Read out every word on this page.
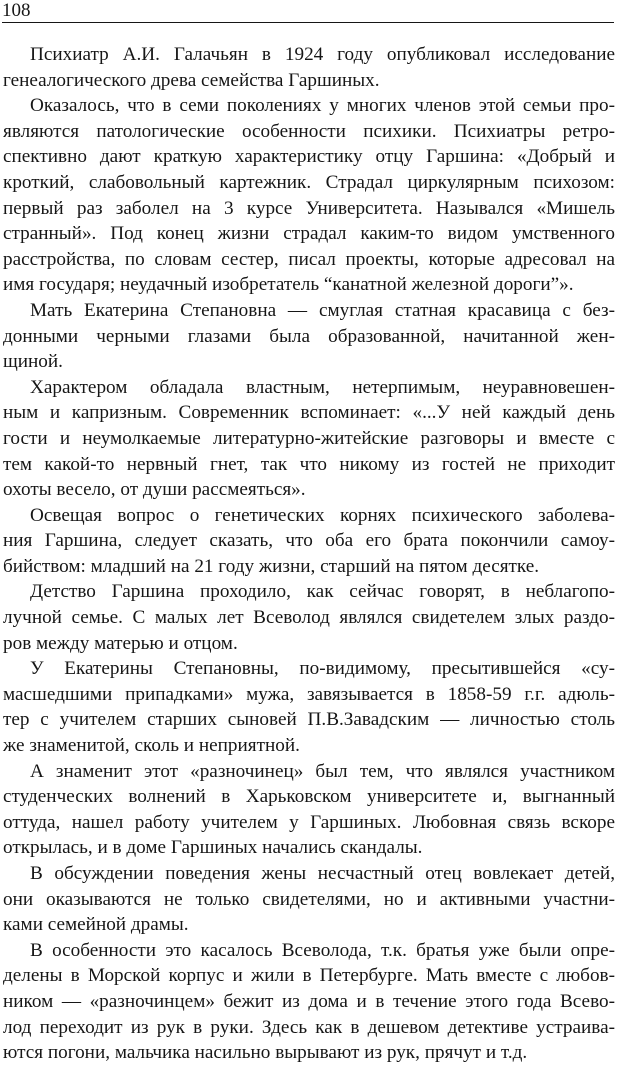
108

Психиатр А.И. Галачьян в 1924 году опубликовал исследование
генеалогического древа семейства Гаршиных.

Оказалось, что в семи поколениях у многих членов этой семьи про-
являются патологические особенности психики. Психиатры ретро-
спективно дают краткую характеристику отцу Гаршина: «Добрый и
кроткий, слабовольный картежник. Страдал циркулярным психозом:
первый раз заболел на 3 курсе Университета. Назывался «Мишель
странный». Под конец жизни страдал каким-то видом умственного
расстройства, по словам сестер, писал проекты, которые адресовал на
имя государя; неудачный изобретатель “канатной железной дороги”».

Мать Екатерина Степановна — смуглая статная красавица с без-
донными черными глазами была образованной, начитанной жен-
щиной.

Характером обладала властным, нетерпимым, неуравновешен-
ным и капризным. Современник вспоминает: «...У ней каждый день
гости и неумолкаемые литературно-житейские разговоры и вместе с
тем какой-то нервный гнет, так что никому из гостей не приходит
охоты весело, от души рассмеяться».

Освещая вопрос о генетических корнях психического заболева-
ния Гаршина, следует сказать, что оба его брата покончили самоу-
бийством: младший на 21 году жизни, старший на пятом десятке.

Детство Гаршина проходило, как сейчас говорят, в неблагопо-
лучной семье. С малых лет Всеволод являлся свидетелем злых раздо-
ров между матерью и отцом.

У Екатерины Степановны, по-видимому, пресытившейся «су-
масшедшими припадками» мужа, завязывается в 1858-59 г.г. адюль-
тер с учителем старших сыновей П.В.Завадским — личностью столь
же знаменитой, сколь и неприятной.

А знаменит этот «разночинец» был тем, что являлся участником
студенческих волнений в Харьковском университете и, выгнанный
оттуда, нашел работу учителем у Гаршиных. Любовная связь вскоре
открылась, и в доме Гаршиных начались скандалы.

В обсуждении поведения жены несчастный отец вовлекает детей,
они оказываются не только свидетелями, но и активными участни-
ками семейной драмы.

В особенности это касалось Всеволода, т.к. братья уже были опре-
делены в Морской корпус и жили в Петербурге. Мать вместе с любов-
ником — «разночинцем» бежит из дома и в течение этого года Всево-
лод переходит из рук в руки. Здесь как в дешевом детективе устраива-
ются погони, мальчика насильно вырывают из рук, прячут и т.д.
